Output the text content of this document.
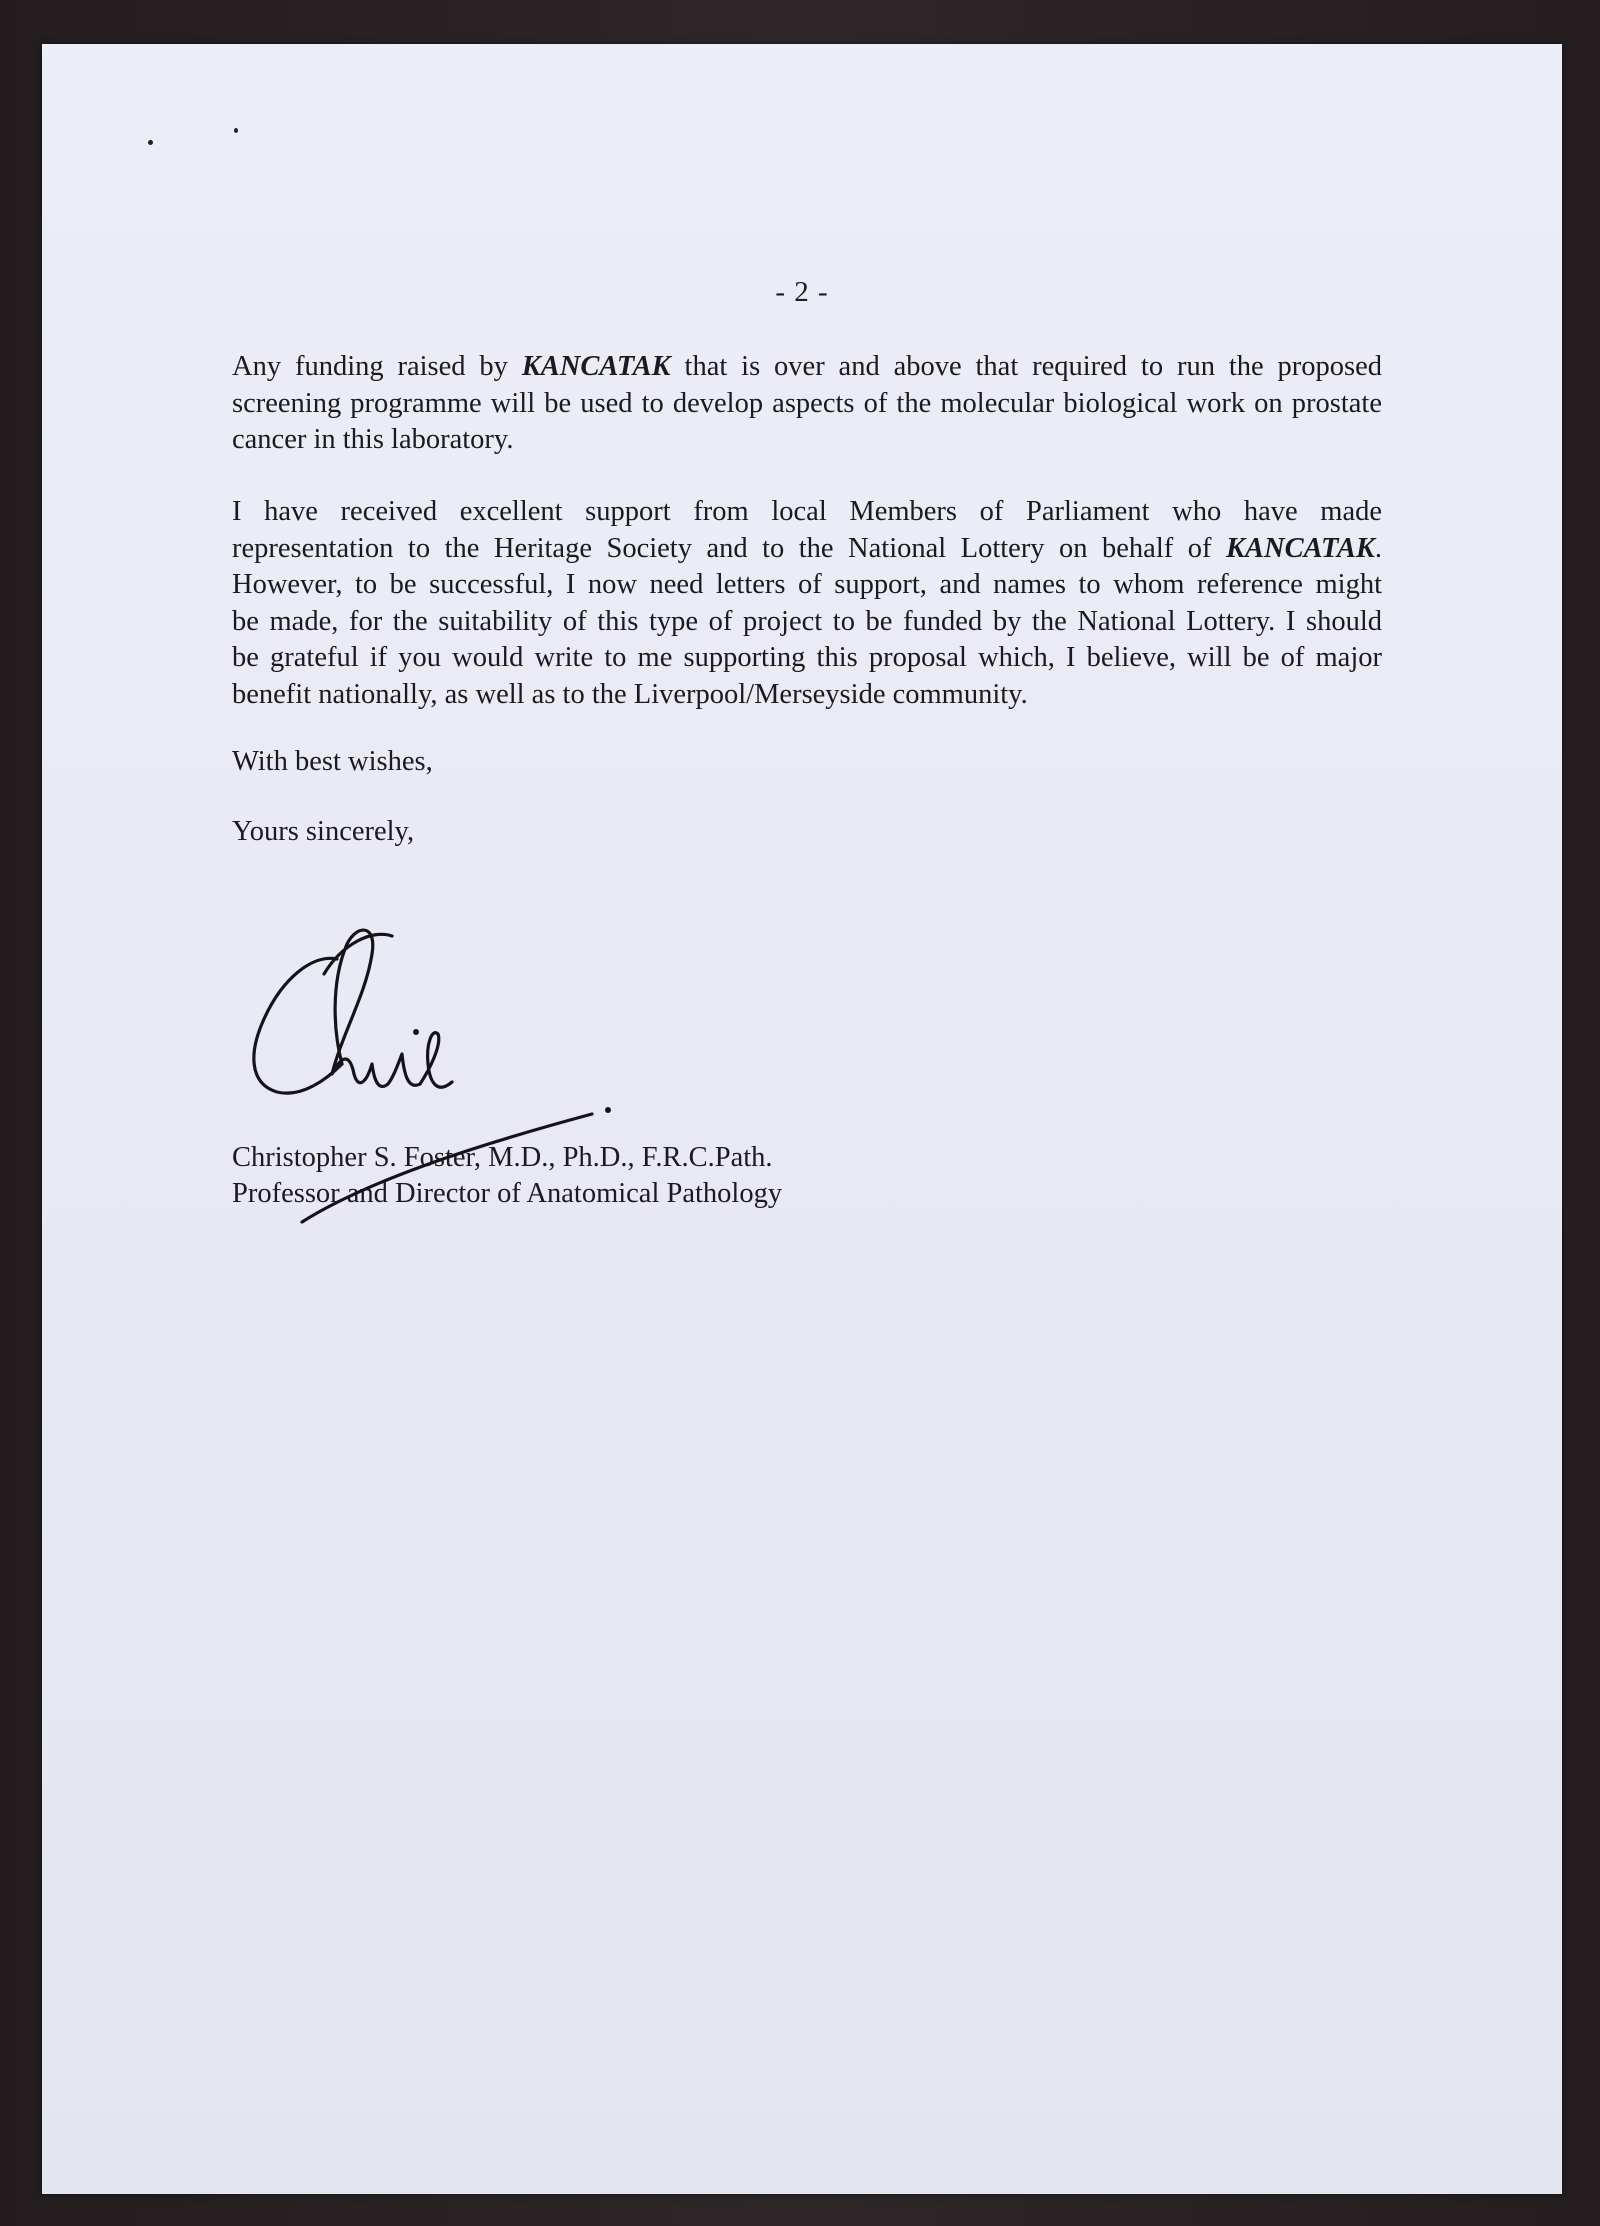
- 2 -
Any funding raised by KANCATAK that is over and above that required to run the proposed
screening programme will be used to develop aspects of the molecular biological work on prostate
cancer in this laboratory.
I have received excellent support from local Members of Parliament who have made
representation to the Heritage Society and to the National Lottery on behalf of KANCATAK.
However, to be successful, I now need letters of support, and names to whom reference might
be made, for the suitability of this type of project to be funded by the National Lottery. I should
be grateful if you would write to me supporting this proposal which, I believe, will be of major
benefit nationally, as well as to the Liverpool/Merseyside community.
With best wishes,
Yours sincerely,
Christopher S. Foster, M.D., Ph.D., F.R.C.Path.
Professor and Director of Anatomical Pathology
